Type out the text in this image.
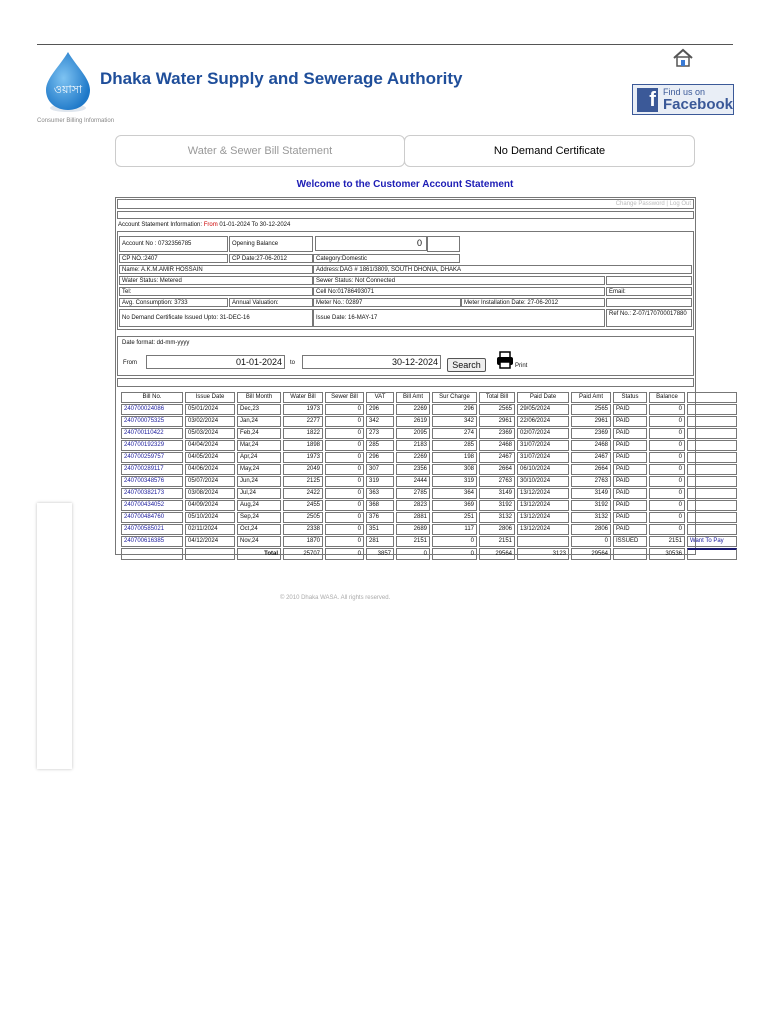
ওয়াসা
Dhaka Water Supply and Sewerage Authority
Consumer Billing Information
f Find us on
Facebook
Water & Sewer Bill Statement	No Demand Certificate
Welcome to the Customer Account Statement
Change Password | Log Out
Account Statement Information: From 01-01-2024 To 30-12-2024
Account No : 0732356785	Opening Balance	0
CP NO.:2407	CP Date:27-06-2012	Category:Domestic
Name: A.K.M.AMIR HOSSAIN	Address:DAG # 1861/3809, SOUTH DHONIA, DHAKA
Water Status: Metered	Sewer Status: Not Connected
Tel:	Cell No:01786493071	Email:
Avg. Consumption: 3733	Annual Valuation:	Meter No.: 02897	Meter Installation Date: 27-06-2012
No Demand Certificate Issued Upto: 31-DEC-16	Issue Date: 16-MAY-17
Ref No.: Z-07/170700017880
Date format: dd-mm-yyyy
From	01-01-2024	to	30-12-2024	Search	Print
Bill No.	Issue Date	Bill Month	Water Bill	Sewer Bill	VAT	Bill Amt	Sur Charge	Total Bill	Paid Date	Paid Amt	Status	Balance	
240700024086	05/01/2024	Dec,23	1973	0	296	2269	296	2565	29/05/2024	2565	PAID	0	
240700075325	03/02/2024	Jan,24	2277	0	342	2619	342	2961	22/06/2024	2961	PAID	0	
240700110422	05/03/2024	Feb,24	1822	0	273	2095	274	2369	02/07/2024	2369	PAID	0	
240700192329	04/04/2024	Mar,24	1898	0	285	2183	285	2468	31/07/2024	2468	PAID	0	
240700259757	04/05/2024	Apr,24	1973	0	296	2269	198	2467	31/07/2024	2467	PAID	0	
240700289117	04/06/2024	May,24	2049	0	307	2356	308	2664	06/10/2024	2664	PAID	0	
240700348576	05/07/2024	Jun,24	2125	0	319	2444	319	2763	30/10/2024	2763	PAID	0	
240700382173	03/08/2024	Jul,24	2422	0	363	2785	364	3149	13/12/2024	3149	PAID	0	
240700434052	04/09/2024	Aug,24	2455	0	368	2823	369	3192	13/12/2024	3192	PAID	0	
240700484760	05/10/2024	Sep,24	2505	0	376	2881	251	3132	13/12/2024	3132	PAID	0	
240700585021	02/11/2024	Oct,24	2338	0	351	2689	117	2806	13/12/2024	2806	PAID	0	
240700616385	04/12/2024	Nov,24	1870	0	281	2151	0	2151		0	ISSUED	2151	Want To Pay
		Total	25707	0	3857	0	0	29564	3123	29564		30536	
© 2010 Dhaka WASA. All rights reserved.
